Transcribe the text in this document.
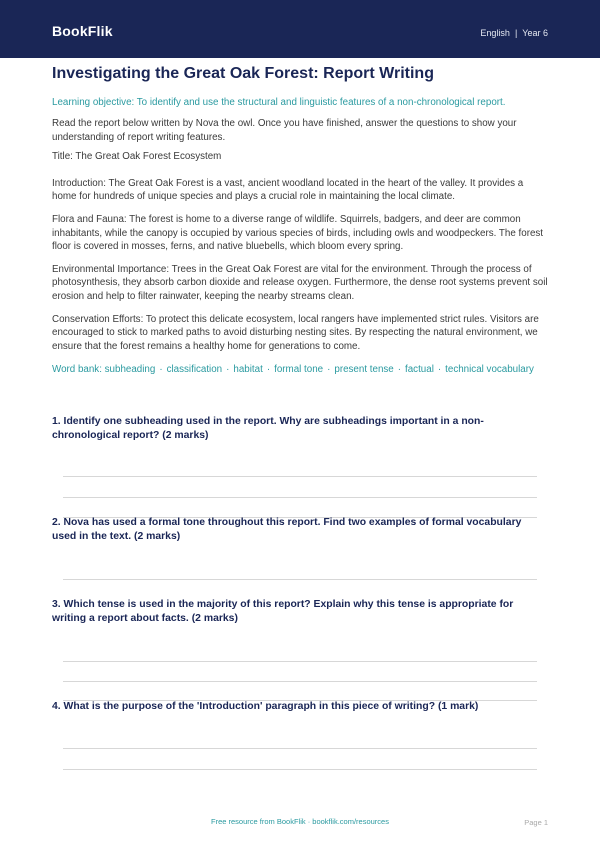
BookFlik	English | Year 6
Investigating the Great Oak Forest: Report Writing
Learning objective: To identify and use the structural and linguistic features of a non-chronological report.

Read the report below written by Nova the owl. Once you have finished, answer the questions to show your understanding of report writing features.

Title: The Great Oak Forest Ecosystem

Introduction: The Great Oak Forest is a vast, ancient woodland located in the heart of the valley. It provides a home for hundreds of unique species and plays a crucial role in maintaining the local climate.

Flora and Fauna: The forest is home to a diverse range of wildlife. Squirrels, badgers, and deer are common inhabitants, while the canopy is occupied by various species of birds, including owls and woodpeckers. The forest floor is covered in mosses, ferns, and native bluebells, which bloom every spring.

Environmental Importance: Trees in the Great Oak Forest are vital for the environment. Through the process of photosynthesis, they absorb carbon dioxide and release oxygen. Furthermore, the dense root systems prevent soil erosion and help to filter rainwater, keeping the nearby streams clean.

Conservation Efforts: To protect this delicate ecosystem, local rangers have implemented strict rules. Visitors are encouraged to stick to marked paths to avoid disturbing nesting sites. By respecting the natural environment, we ensure that the forest remains a healthy home for generations to come.

Word bank: subheading · classification · habitat · formal tone · present tense · factual · technical vocabulary
1. Identify one subheading used in the report. Why are subheadings important in a non-chronological report? (2 marks)
2. Nova has used a formal tone throughout this report. Find two examples of formal vocabulary used in the text. (2 marks)
3. Which tense is used in the majority of this report? Explain why this tense is appropriate for writing a report about facts. (2 marks)
4. What is the purpose of the 'Introduction' paragraph in this piece of writing? (1 mark)
Free resource from BookFlik · bookflik.com/resources	Page 1
